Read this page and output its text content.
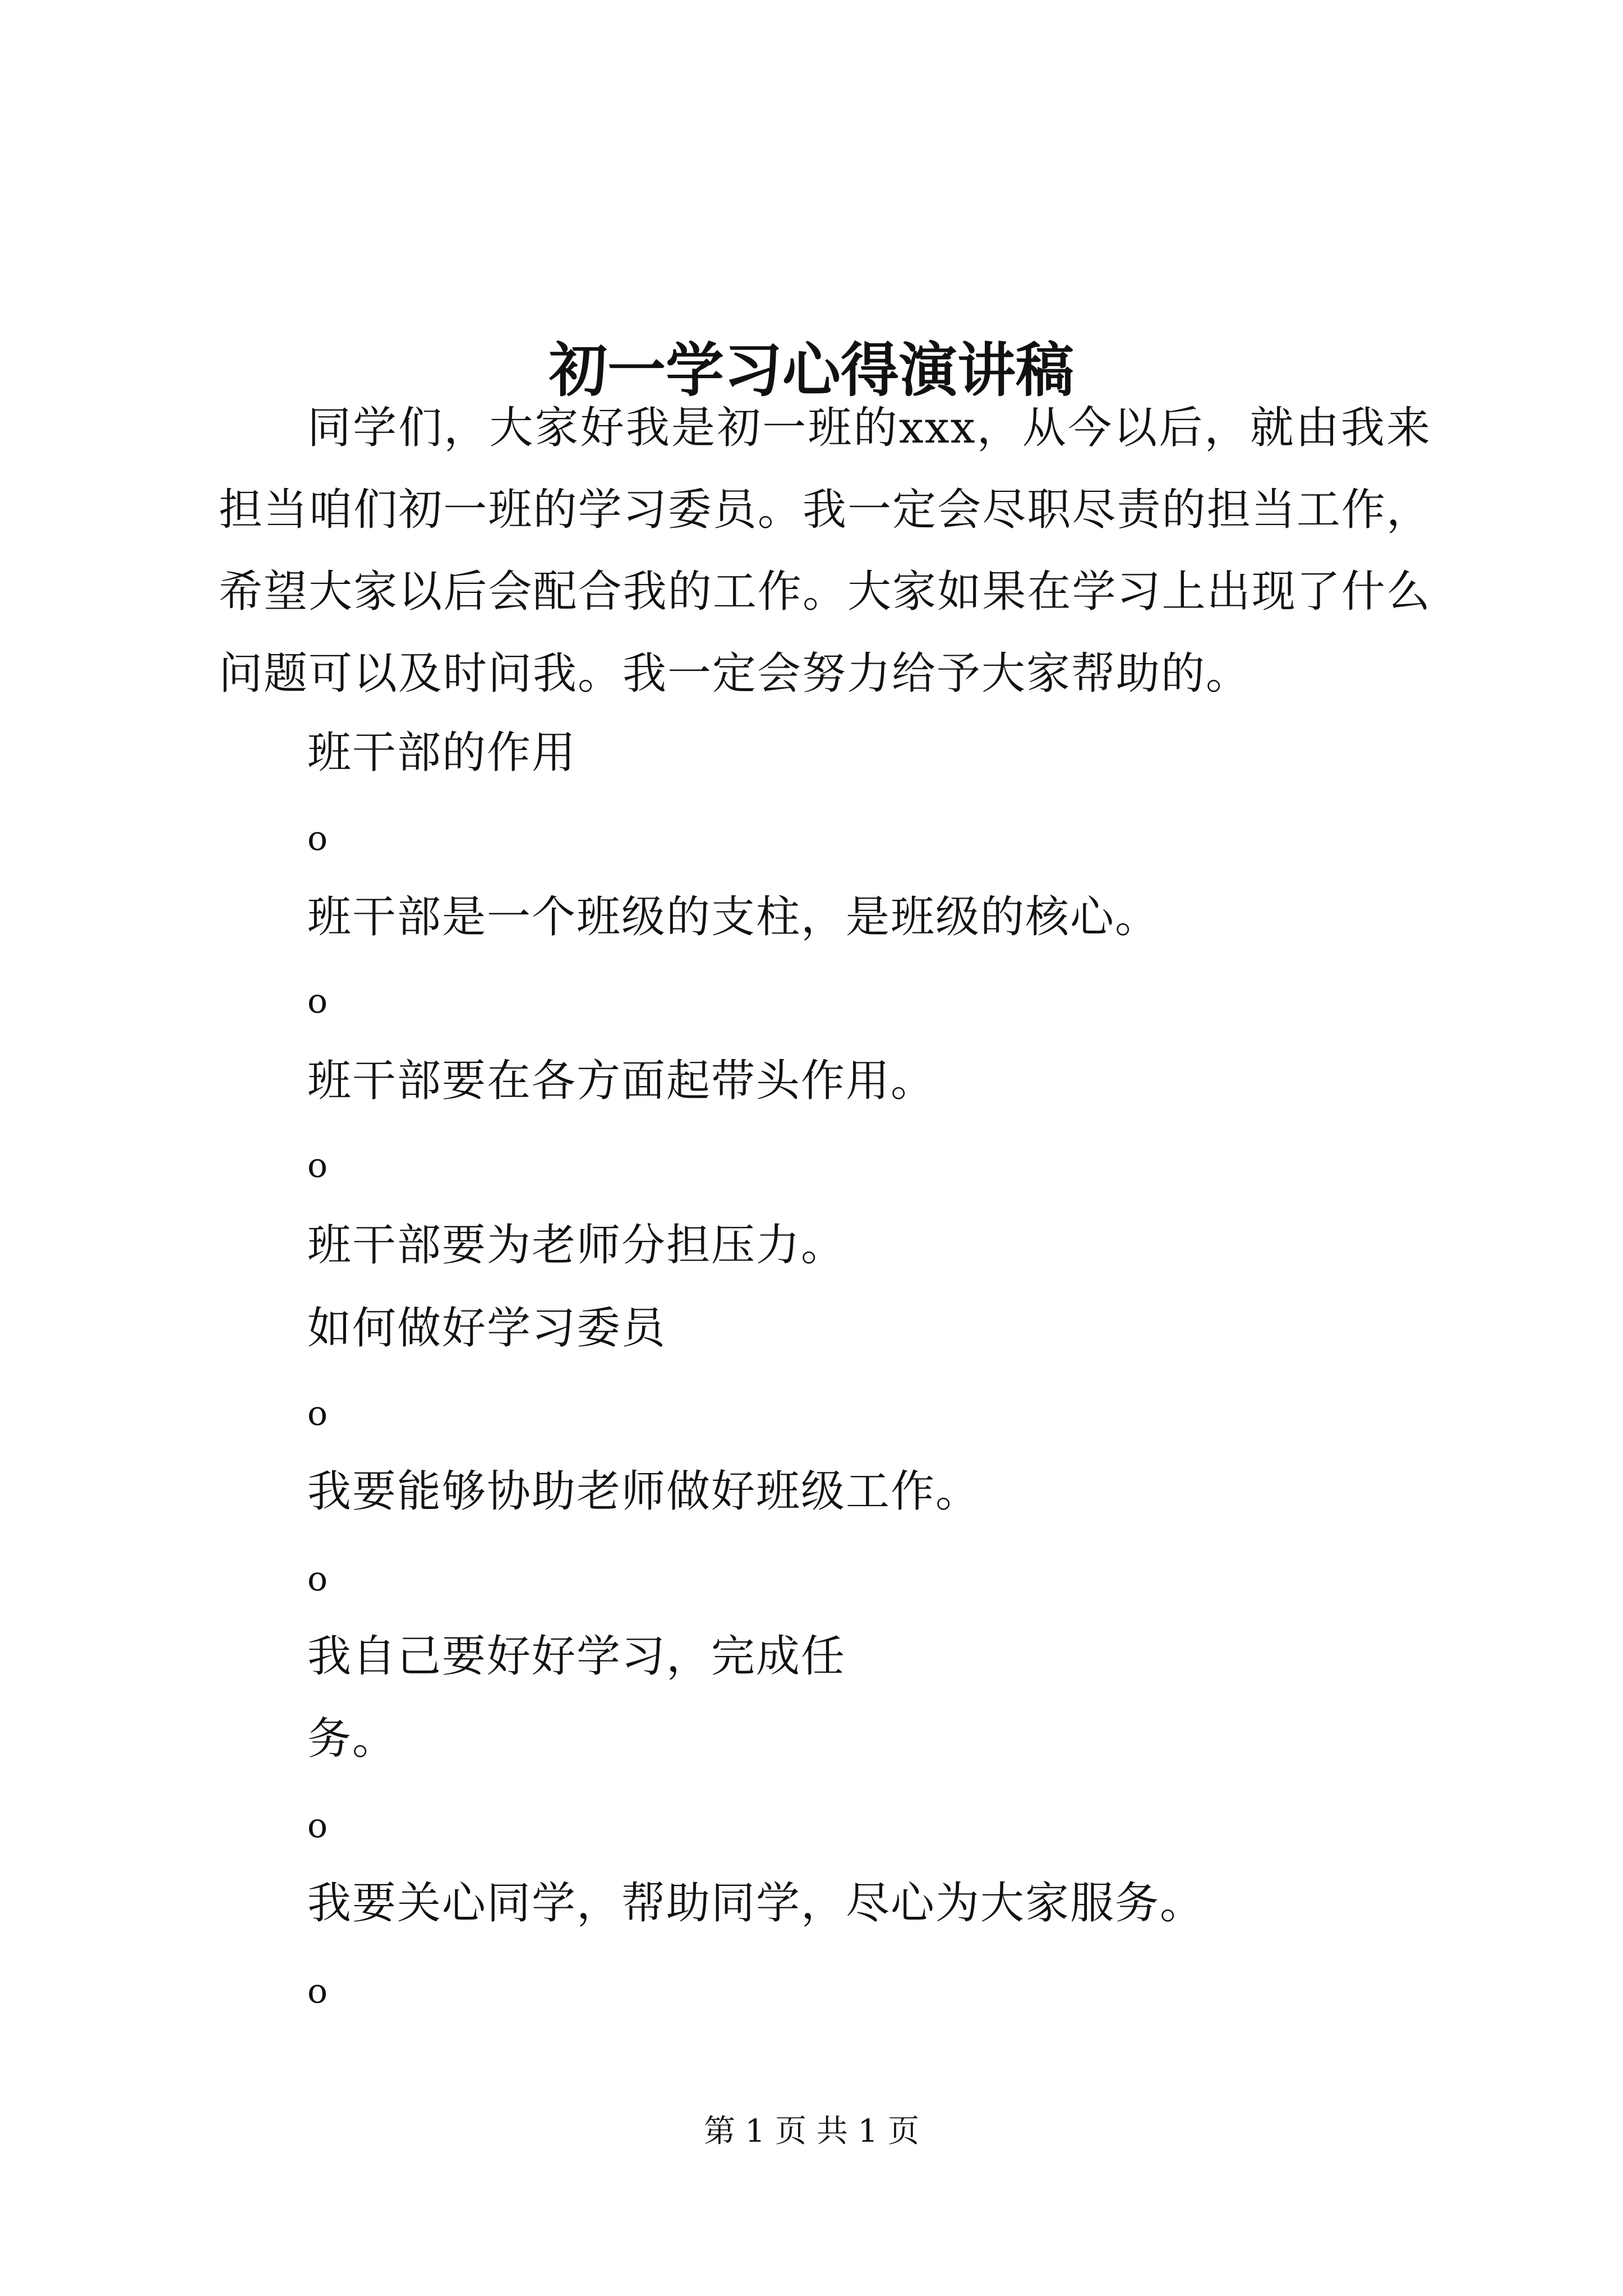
初一学习心得演讲稿

同学们，大家好我是初一班的xxx，从今以后，就由我来担当咱们初一班的学习委员。我一定会尽职尽责的担当工作，希望大家以后会配合我的工作。大家如果在学习上出现了什么问题可以及时问我。我一定会努力给予大家帮助的。

班干部的作用

o

班干部是一个班级的支柱，是班级的核心。

o

班干部要在各方面起带头作用。

o

班干部要为老师分担压力。

如何做好学习委员

o

我要能够协助老师做好班级工作。

o

我自己要好好学习，完成任

务。

o

我要关心同学，帮助同学，尽心为大家服务。

o

第 1 页 共 1 页
